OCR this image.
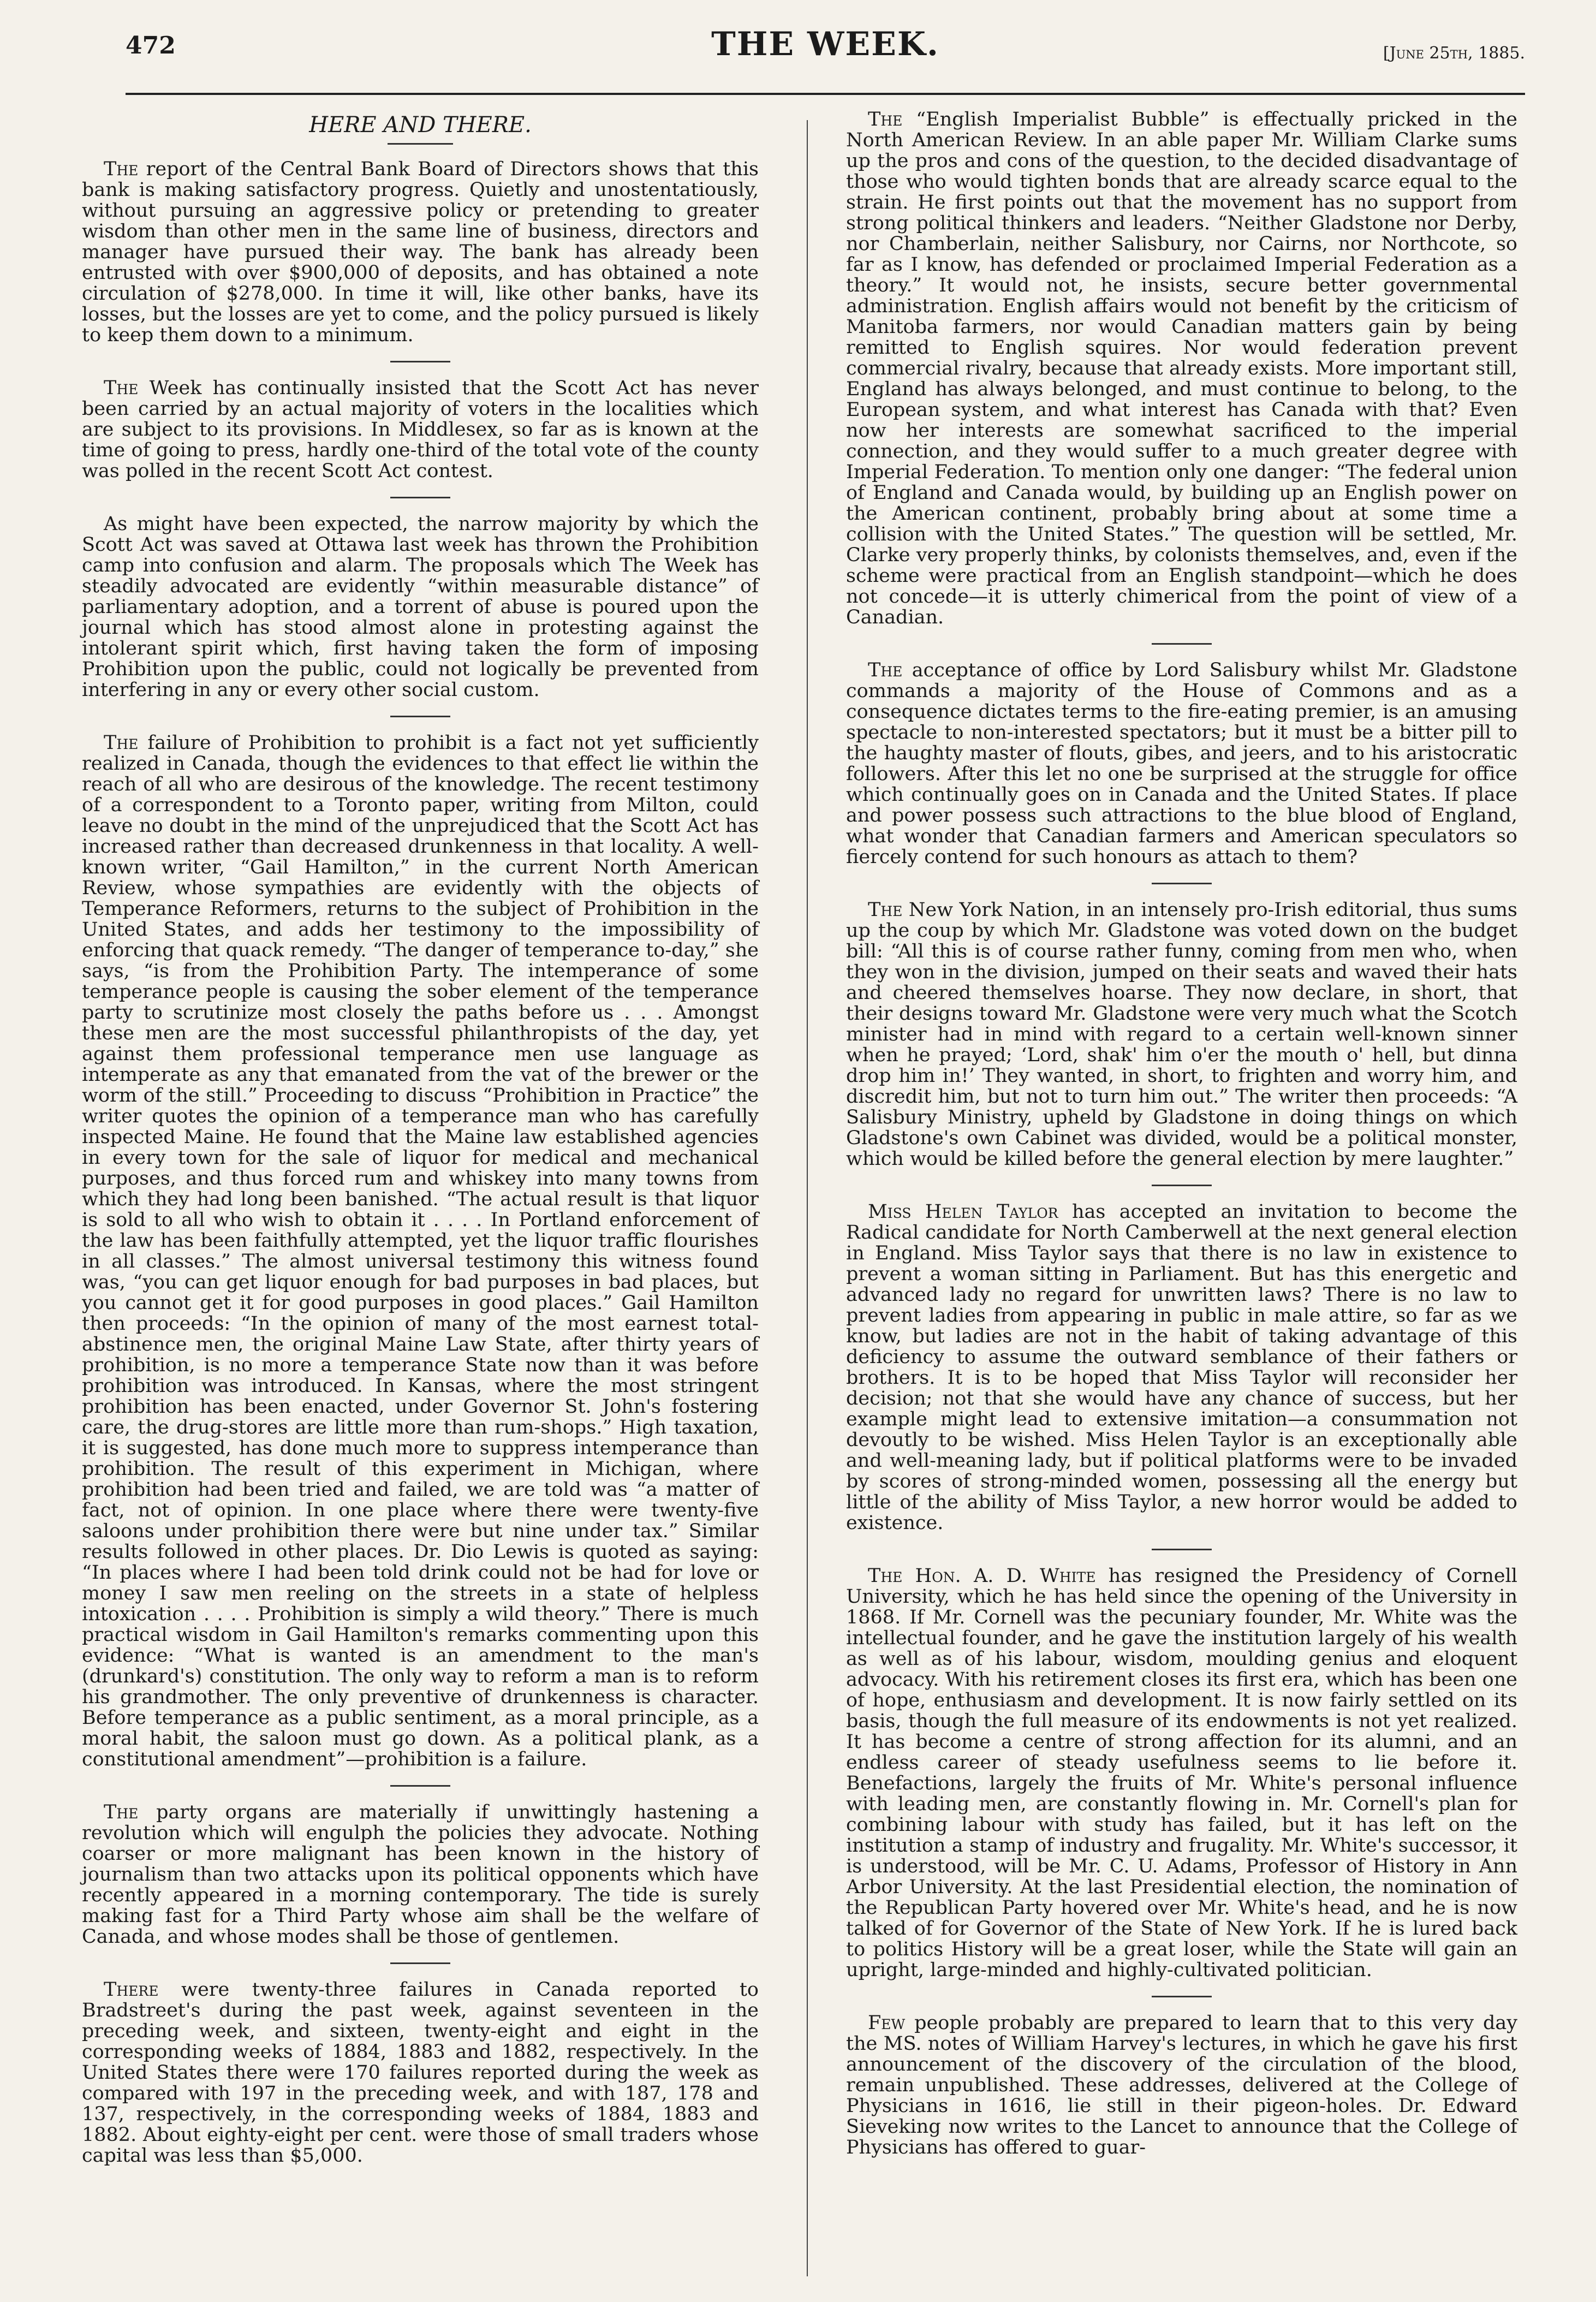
472	THE WEEK.	[June 25th, 1885.
HERE AND THERE.

The report of the Central Bank Board of Directors shows that this bank is making satisfactory progress. Quietly and unostentatiously, without pursuing an aggressive policy or pretending to greater wisdom than other men in the same line of business, directors and manager have pursued their way. The bank has already been entrusted with over $900,000 of deposits, and has obtained a note circulation of $278,000. In time it will, like other banks, have its losses, but the losses are yet to come, and the policy pursued is likely to keep them down to a minimum.

The Week has continually insisted that the Scott Act has never been carried by an actual majority of voters in the localities which are subject to its provisions. In Middlesex, so far as is known at the time of going to press, hardly one-third of the total vote of the county was polled in the recent Scott Act contest.

As might have been expected, the narrow majority by which the Scott Act was saved at Ottawa last week has thrown the Prohibition camp into confusion and alarm. The proposals which The Week has steadily advocated are evidently “within measurable distance” of parliamentary adoption, and a torrent of abuse is poured upon the journal which has stood almost alone in protesting against the intolerant spirit which, first having taken the form of imposing Prohibition upon the public, could not logically be prevented from interfering in any or every other social custom.

The failure of Prohibition to prohibit is a fact not yet sufficiently realized in Canada, though the evidences to that effect lie within the reach of all who are desirous of the knowledge. The recent testimony of a correspondent to a Toronto paper, writing from Milton, could leave no doubt in the mind of the unprejudiced that the Scott Act has increased rather than decreased drunkenness in that locality. A well-known writer, “Gail Hamilton,” in the current North American Review, whose sympathies are evidently with the objects of Temperance Reformers, returns to the subject of Prohibition in the United States, and adds her testimony to the impossibility of enforcing that quack remedy. “The danger of temperance to-day,” she says, “is from the Prohibition Party. The intemperance of some temperance people is causing the sober element of the temperance party to scrutinize most closely the paths before us . . . Amongst these men are the most successful philanthropists of the day, yet against them professional temperance men use language as intemperate as any that emanated from the vat of the brewer or the worm of the still.” Proceeding to discuss “Prohibition in Practice” the writer quotes the opinion of a temperance man who has carefully inspected Maine. He found that the Maine law established agencies in every town for the sale of liquor for medical and mechanical purposes, and thus forced rum and whiskey into many towns from which they had long been banished. “The actual result is that liquor is sold to all who wish to obtain it . . . . In Portland enforcement of the law has been faithfully attempted, yet the liquor traffic flourishes in all classes.” The almost universal testimony this witness found was, “you can get liquor enough for bad purposes in bad places, but you cannot get it for good purposes in good places.” Gail Hamilton then proceeds: “In the opinion of many of the most earnest total-abstinence men, the original Maine Law State, after thirty years of prohibition, is no more a temperance State now than it was before prohibition was introduced. In Kansas, where the most stringent prohibition has been enacted, under Governor St. John's fostering care, the drug-stores are little more than rum-shops.” High taxation, it is suggested, has done much more to suppress intemperance than prohibition. The result of this experiment in Michigan, where prohibition had been tried and failed, we are told was “a matter of fact, not of opinion. In one place where there were twenty-five saloons under prohibition there were but nine under tax.” Similar results followed in other places. Dr. Dio Lewis is quoted as saying: “In places where I had been told drink could not be had for love or money I saw men reeling on the streets in a state of helpless intoxication . . . . Prohibition is simply a wild theory.” There is much practical wisdom in Gail Hamilton's remarks commenting upon this evidence: “What is wanted is an amendment to the man's (drunkard's) constitution. The only way to reform a man is to reform his grandmother. The only preventive of drunkenness is character. Before temperance as a public sentiment, as a moral principle, as a moral habit, the saloon must go down. As a political plank, as a constitutional amendment”—prohibition is a failure.

The party organs are materially if unwittingly hastening a revolution which will engulph the policies they advocate. Nothing coarser or more malignant has been known in the history of journalism than two attacks upon its political opponents which have recently appeared in a morning contemporary. The tide is surely making fast for a Third Party whose aim shall be the welfare of Canada, and whose modes shall be those of gentlemen.

There were twenty-three failures in Canada reported to Bradstreet's during the past week, against seventeen in the preceding week, and sixteen, twenty-eight and eight in the corresponding weeks of 1884, 1883 and 1882, respectively. In the United States there were 170 failures reported during the week as compared with 197 in the preceding week, and with 187, 178 and 137, respectively, in the corresponding weeks of 1884, 1883 and 1882. About eighty-eight per cent. were those of small traders whose capital was less than $5,000.

The “English Imperialist Bubble” is effectually pricked in the North American Review. In an able paper Mr. William Clarke sums up the pros and cons of the question, to the decided disadvantage of those who would tighten bonds that are already scarce equal to the strain. He first points out that the movement has no support from strong political thinkers and leaders. “Neither Gladstone nor Derby, nor Chamberlain, neither Salisbury, nor Cairns, nor Northcote, so far as I know, has defended or proclaimed Imperial Federation as a theory.” It would not, he insists, secure better governmental administration. English affairs would not benefit by the criticism of Manitoba farmers, nor would Canadian matters gain by being remitted to English squires. Nor would federation prevent commercial rivalry, because that already exists. More important still, England has always belonged, and must continue to belong, to the European system, and what interest has Canada with that? Even now her interests are somewhat sacrificed to the imperial connection, and they would suffer to a much greater degree with Imperial Federation. To mention only one danger: “The federal union of England and Canada would, by building up an English power on the American continent, probably bring about at some time a collision with the United States.” The question will be settled, Mr. Clarke very properly thinks, by colonists themselves, and, even if the scheme were practical from an English standpoint—which he does not concede—it is utterly chimerical from the point of view of a Canadian.

The acceptance of office by Lord Salisbury whilst Mr. Gladstone commands a majority of the House of Commons and as a consequence dictates terms to the fire-eating premier, is an amusing spectacle to non-interested spectators; but it must be a bitter pill to the haughty master of flouts, gibes, and jeers, and to his aristocratic followers. After this let no one be surprised at the struggle for office which continually goes on in Canada and the United States. If place and power possess such attractions to the blue blood of England, what wonder that Canadian farmers and American speculators so fiercely contend for such honours as attach to them?

The New York Nation, in an intensely pro-Irish editorial, thus sums up the coup by which Mr. Gladstone was voted down on the budget bill: “All this is of course rather funny, coming from men who, when they won in the division, jumped on their seats and waved their hats and cheered themselves hoarse. They now declare, in short, that their designs toward Mr. Gladstone were very much what the Scotch minister had in mind with regard to a certain well-known sinner when he prayed; ‘Lord, shak' him o'er the mouth o' hell, but dinna drop him in!’ They wanted, in short, to frighten and worry him, and discredit him, but not to turn him out.” The writer then proceeds: “A Salisbury Ministry, upheld by Gladstone in doing things on which Gladstone's own Cabinet was divided, would be a political monster, which would be killed before the general election by mere laughter.”

Miss Helen Taylor has accepted an invitation to become the Radical candidate for North Camberwell at the next general election in England. Miss Taylor says that there is no law in existence to prevent a woman sitting in Parliament. But has this energetic and advanced lady no regard for unwritten laws? There is no law to prevent ladies from appearing in public in male attire, so far as we know, but ladies are not in the habit of taking advantage of this deficiency to assume the outward semblance of their fathers or brothers. It is to be hoped that Miss Taylor will reconsider her decision; not that she would have any chance of success, but her example might lead to extensive imitation—a consummation not devoutly to be wished. Miss Helen Taylor is an exceptionally able and well-meaning lady, but if political platforms were to be invaded by scores of strong-minded women, possessing all the energy but little of the ability of Miss Taylor, a new horror would be added to existence.

The Hon. A. D. White has resigned the Presidency of Cornell University, which he has held since the opening of the University in 1868. If Mr. Cornell was the pecuniary founder, Mr. White was the intellectual founder, and he gave the institution largely of his wealth as well as of his labour, wisdom, moulding genius and eloquent advocacy. With his retirement closes its first era, which has been one of hope, enthusiasm and development. It is now fairly settled on its basis, though the full measure of its endowments is not yet realized. It has become a centre of strong affection for its alumni, and an endless career of steady usefulness seems to lie before it. Benefactions, largely the fruits of Mr. White's personal influence with leading men, are constantly flowing in. Mr. Cornell's plan for combining labour with study has failed, but it has left on the institution a stamp of industry and frugality. Mr. White's successor, it is understood, will be Mr. C. U. Adams, Professor of History in Ann Arbor University. At the last Presidential election, the nomination of the Republican Party hovered over Mr. White's head, and he is now talked of for Governor of the State of New York. If he is lured back to politics History will be a great loser, while the State will gain an upright, large-minded and highly-cultivated politician.

Few people probably are prepared to learn that to this very day the MS. notes of William Harvey's lectures, in which he gave his first announcement of the discovery of the circulation of the blood, remain unpublished. These addresses, delivered at the College of Physicians in 1616, lie still in their pigeon-holes. Dr. Edward Sieveking now writes to the Lancet to announce that the College of Physicians has offered to guar-
